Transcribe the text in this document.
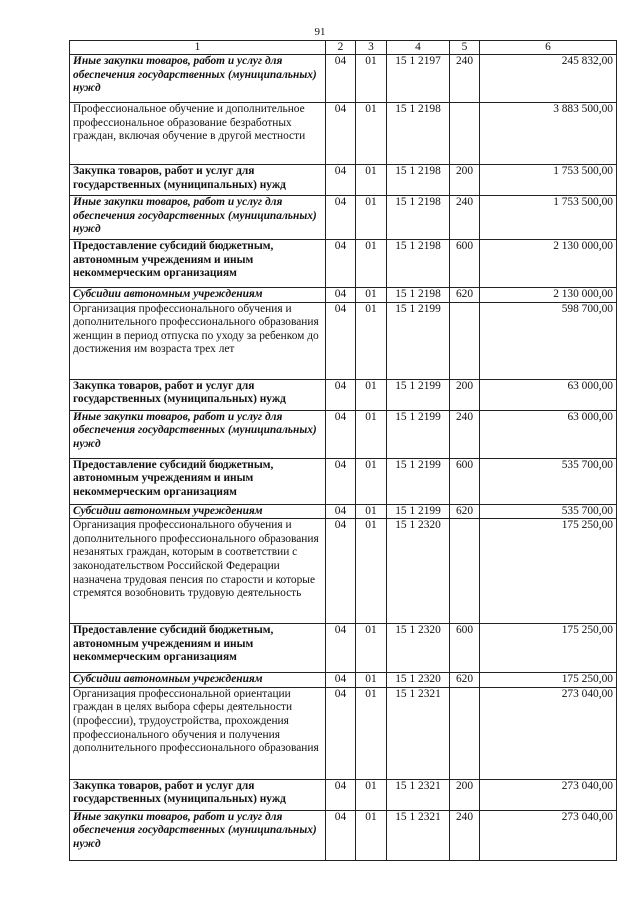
91
1	2	3	4	5	6
Иные закупки товаров, работ и услуг для обеспечения государственных (муниципальных) нужд	04	01	15 1 2197	240	245 832,00
Профессиональное обучение и дополнительное профессиональное образование безработных граждан, включая обучение в другой местности	04	01	15 1 2198		3 883 500,00
Закупка товаров, работ и услуг для государственных (муниципальных) нужд	04	01	15 1 2198	200	1 753 500,00
Иные закупки товаров, работ и услуг для обеспечения государственных (муниципальных) нужд	04	01	15 1 2198	240	1 753 500,00
Предоставление субсидий бюджетным, автономным учреждениям и иным некоммерческим организациям	04	01	15 1 2198	600	2 130 000,00
Субсидии автономным учреждениям	04	01	15 1 2198	620	2 130 000,00
Организация профессионального обучения и дополнительного профессионального образования женщин в период отпуска по уходу за ребенком до достижения им возраста трех лет	04	01	15 1 2199		598 700,00
Закупка товаров, работ и услуг для государственных (муниципальных) нужд	04	01	15 1 2199	200	63 000,00
Иные закупки товаров, работ и услуг для обеспечения государственных (муниципальных) нужд	04	01	15 1 2199	240	63 000,00
Предоставление субсидий бюджетным, автономным учреждениям и иным некоммерческим организациям	04	01	15 1 2199	600	535 700,00
Субсидии автономным учреждениям	04	01	15 1 2199	620	535 700,00
Организация профессионального обучения и дополнительного профессионального образования незанятых граждан, которым в соответствии с законодательством Российской Федерации назначена трудовая пенсия по старости и которые стремятся возобновить трудовую деятельность	04	01	15 1 2320		175 250,00
Предоставление субсидий бюджетным, автономным учреждениям и иным некоммерческим организациям	04	01	15 1 2320	600	175 250,00
Субсидии автономным учреждениям	04	01	15 1 2320	620	175 250,00
Организация профессиональной ориентации граждан в целях выбора сферы деятельности (профессии), трудоустройства, прохождения профессионального обучения и получения дополнительного профессионального образования	04	01	15 1 2321		273 040,00
Закупка товаров, работ и услуг для государственных (муниципальных) нужд	04	01	15 1 2321	200	273 040,00
Иные закупки товаров, работ и услуг для обеспечения государственных (муниципальных) нужд	04	01	15 1 2321	240	273 040,00
